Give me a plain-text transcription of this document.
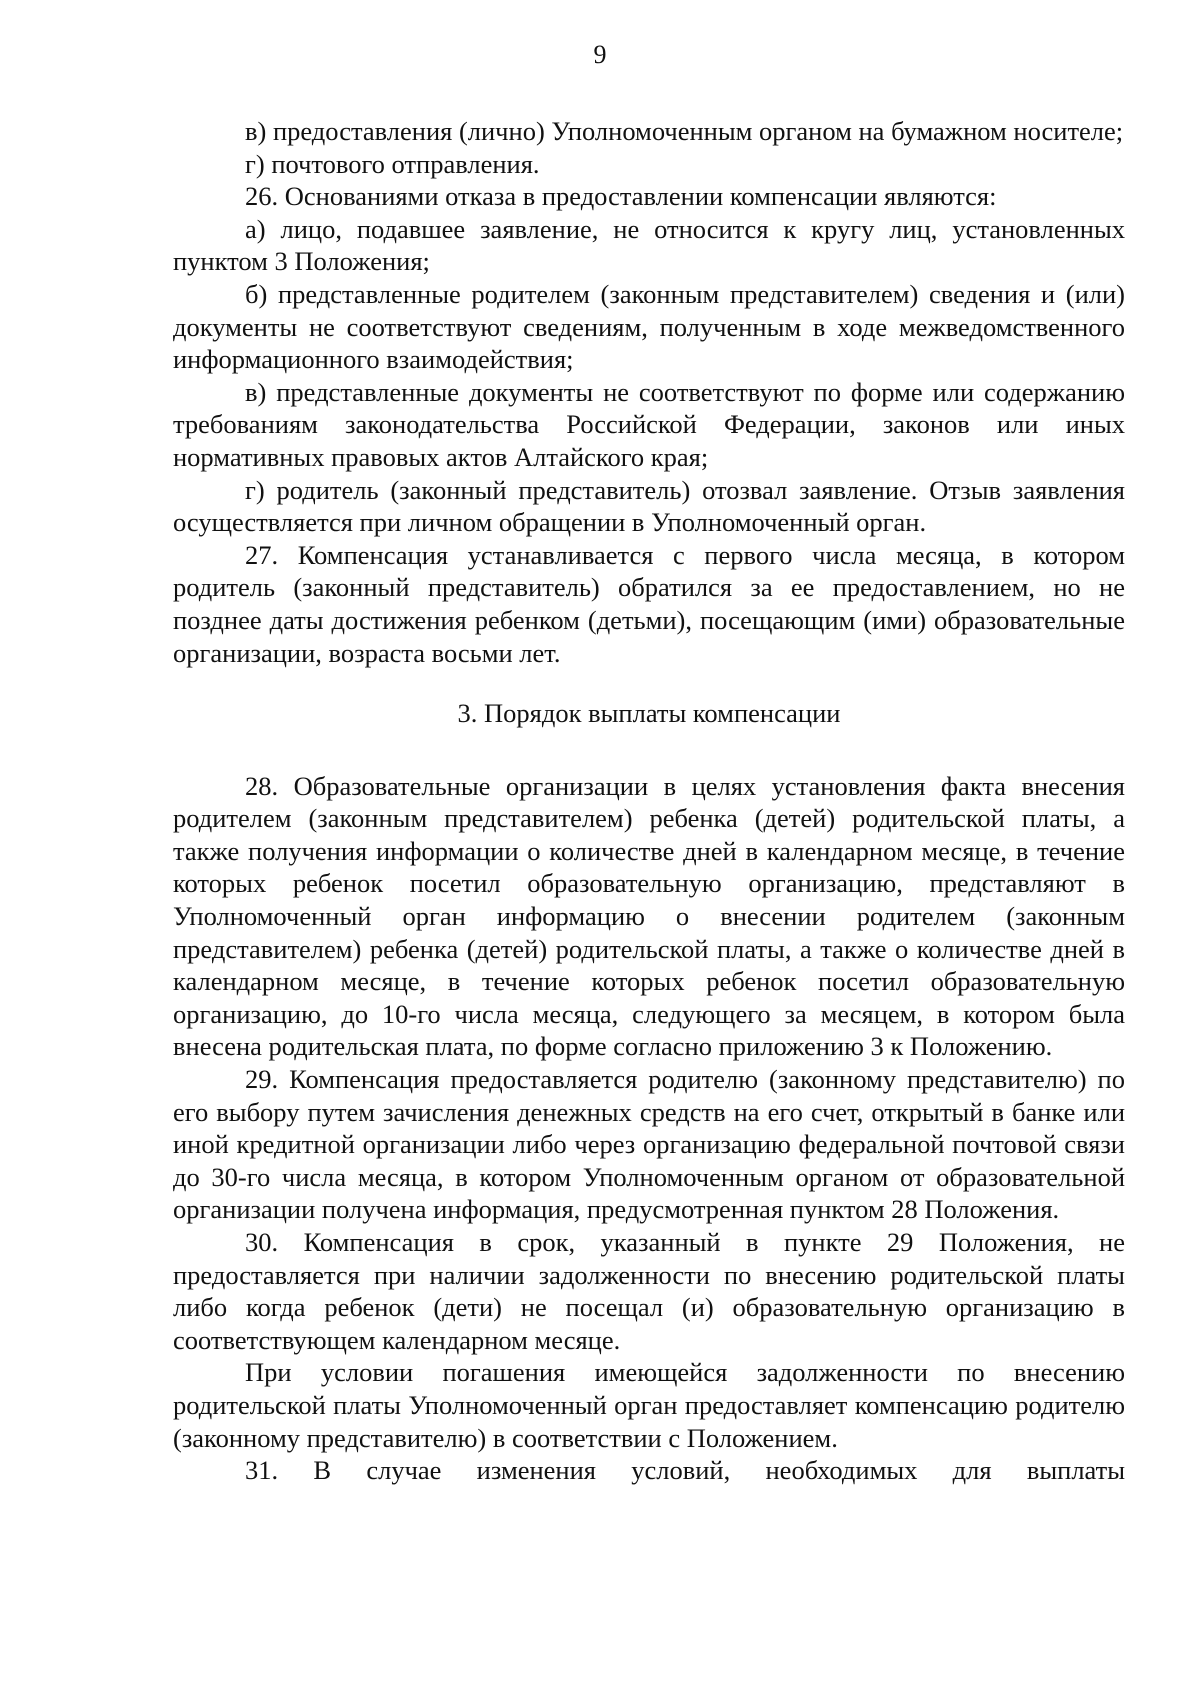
9

в) предоставления (лично) Уполномоченным органом на бумажном носителе;

г) почтового отправления.

26. Основаниями отказа в предоставлении компенсации являются:

а) лицо, подавшее заявление, не относится к кругу лиц, установленных пунктом 3 Положения;

б) представленные родителем (законным представителем) сведения и (или) документы не соответствуют сведениям, полученным в ходе межведомственного информационного взаимодействия;

в) представленные документы не соответствуют по форме или содержанию требованиям законодательства Российской Федерации, законов или иных нормативных правовых актов Алтайского края;

г) родитель (законный представитель) отозвал заявление. Отзыв заявления осуществляется при личном обращении в Уполномоченный орган.

27. Компенсация устанавливается с первого числа месяца, в котором родитель (законный представитель) обратился за ее предоставлением, но не позднее даты достижения ребенком (детьми), посещающим (ими) образовательные организации, возраста восьми лет.

3. Порядок выплаты компенсации

28. Образовательные организации в целях установления факта внесения родителем (законным представителем) ребенка (детей) родительской платы, а также получения информации о количестве дней в календарном месяце, в течение которых ребенок посетил образовательную организацию, представляют в Уполномоченный орган информацию о внесении родителем (законным представителем) ребенка (детей) родительской платы, а также о количестве дней в календарном месяце, в течение которых ребенок посетил образовательную организацию, до 10-го числа месяца, следующего за месяцем, в котором была внесена родительская плата, по форме согласно приложению 3 к Положению.

29. Компенсация предоставляется родителю (законному представителю) по его выбору путем зачисления денежных средств на его счет, открытый в банке или иной кредитной организации либо через организацию федеральной почтовой связи до 30-го числа месяца, в котором Уполномоченным органом от образовательной организации получена информация, предусмотренная пунктом 28 Положения.

30. Компенсация в срок, указанный в пункте 29 Положения, не предоставляется при наличии задолженности по внесению родительской платы либо когда ребенок (дети) не посещал (и) образовательную организацию в соответствующем календарном месяце.

При условии погашения имеющейся задолженности по внесению родительской платы Уполномоченный орган предоставляет компенсацию родителю (законному представителю) в соответствии с Положением.

31. В случае изменения условий, необходимых для выплаты
